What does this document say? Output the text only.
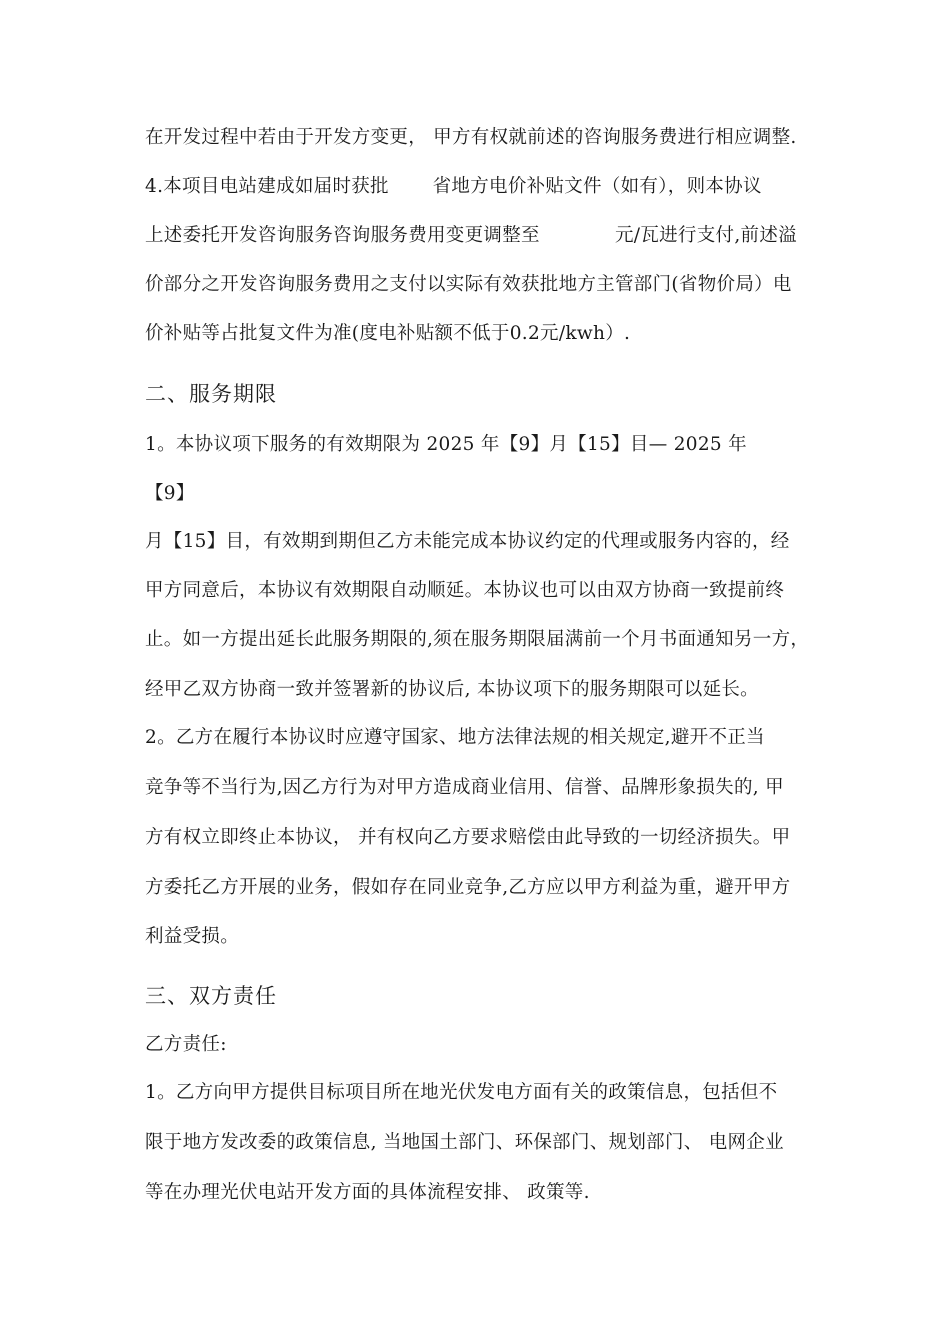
在开发过程中若由于开发方变更， 甲方有权就前述的咨询服务费进行相应调整.
4.本项目电站建成如届时获批　　 省地方电价补贴文件（如有），则本协议
上述委托开发咨询服务咨询服务费用变更调整至　　　　元/瓦进行支付,前述溢
价部分之开发咨询服务费用之支付以实际有效获批地方主管部门(省物价局）电
价补贴等占批复文件为准(度电补贴额不低于0.2元/kwh）.
二、服务期限
1。本协议项下服务的有效期限为 2025 年【9】月【15】目— 2025 年
【9】
月【15】目，有效期到期但乙方未能完成本协议约定的代理或服务内容的，经
甲方同意后，本协议有效期限自动顺延。本协议也可以由双方协商一致提前终
止。如一方提出延长此服务期限的,须在服务期限届满前一个月书面通知另一方，
经甲乙双方协商一致并签署新的协议后, 本协议项下的服务期限可以延长。
2。乙方在履行本协议时应遵守国家、地方法律法规的相关规定,避开不正当
竞争等不当行为,因乙方行为对甲方造成商业信用、信誉、品牌形象损失的, 甲
方有权立即终止本协议， 并有权向乙方要求赔偿由此导致的一切经济损失。甲
方委托乙方开展的业务，假如存在同业竞争,乙方应以甲方利益为重，避开甲方
利益受损。
三、双方责任
乙方责任:
1。乙方向甲方提供目标项目所在地光伏发电方面有关的政策信息，包括但不
限于地方发改委的政策信息, 当地国土部门、环保部门、规划部门、 电网企业
等在办理光伏电站开发方面的具体流程安排、 政策等.
